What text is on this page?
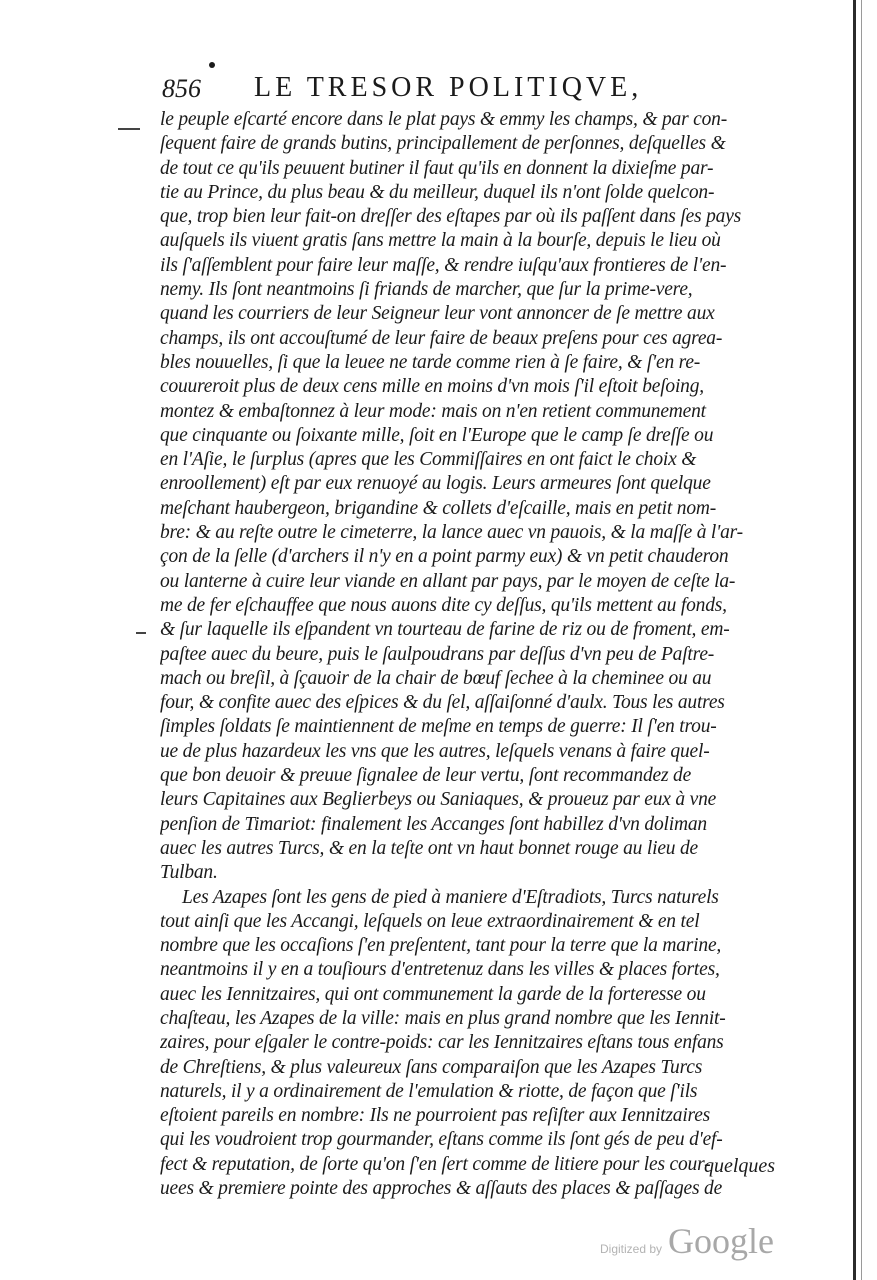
856 LE TRESOR POLITIQVE,
le peuple eſcarté encore dans le plat pays & emmy les champs, & par con-
ſequent faire de grands butins, principallement de perſonnes, deſquelles &
de tout ce qu'ils peuuent butiner il faut qu'ils en donnent la dixieſme par-
tie au Prince, du plus beau & du meilleur, duquel ils n'ont ſolde quelcon-
que, trop bien leur fait-on dreſſer des eſtapes par où ils paſſent dans ſes pays
auſquels ils viuent gratis ſans mettre la main à la bourſe, depuis le lieu où
ils ſ'aſſemblent pour faire leur maſſe, & rendre iuſqu'aux frontieres de l'en-
nemy. Ils ſont neantmoins ſi friands de marcher, que ſur la prime-vere,
quand les courriers de leur Seigneur leur vont annoncer de ſe mettre aux
champs, ils ont accouſtumé de leur faire de beaux preſens pour ces agrea-
bles nouuelles, ſi que la leuee ne tarde comme rien à ſe faire, & ſ'en re-
couureroit plus de deux cens mille en moins d'vn mois ſ'il eſtoit beſoing,
montez & embaſtonnez à leur mode: mais on n'en retient communement
que cinquante ou ſoixante mille, ſoit en l'Europe que le camp ſe dreſſe ou
en l'Aſie, le ſurplus (apres que les Commiſſaires en ont faict le choix &
enroollement) eſt par eux renuoyé au logis. Leurs armeures ſont quelque
meſchant haubergeon, brigandine & collets d'eſcaille, mais en petit nom-
bre: & au reſte outre le cimeterre, la lance auec vn pauois, & la maſſe à l'ar-
çon de la ſelle (d'archers il n'y en a point parmy eux) & vn petit chauderon
ou lanterne à cuire leur viande en allant par pays, par le moyen de ceſte la-
me de fer eſchauffee que nous auons dite cy deſſus, qu'ils mettent au fonds,
& ſur laquelle ils eſpandent vn tourteau de farine de riz ou de froment, em-
paſtee auec du beure, puis le ſaulpoudrans par deſſus d'vn peu de Paſtre-
mach ou breſil, à ſçauoir de la chair de bœuf ſechee à la cheminee ou au
four, & confite auec des eſpices & du ſel, aſſaiſonné d'aulx. Tous les autres
ſimples ſoldats ſe maintiennent de meſme en temps de guerre: Il ſ'en trou-
ue de plus hazardeux les vns que les autres, leſquels venans à faire quel-
que bon deuoir & preuue ſignalee de leur vertu, ſont recommandez de
leurs Capitaines aux Beglierbeys ou Saniaques, & proueuz par eux à vne
penſion de Timariot: finalement les Accanges ſont habillez d'vn doliman
auec les autres Turcs, & en la teſte ont vn haut bonnet rouge au lieu de
Tulban.
Les Azapes ſont les gens de pied à maniere d'Eſtradiots, Turcs naturels
tout ainſi que les Accangi, leſquels on leue extraordinairement & en tel
nombre que les occaſions ſ'en preſentent, tant pour la terre que la marine,
neantmoins il y en a touſiours d'entretenuz dans les villes & places fortes,
auec les Iennitzaires, qui ont communement la garde de la forteresse ou
chaſteau, les Azapes de la ville: mais en plus grand nombre que les Iennit-
zaires, pour eſgaler le contre-poids: car les Iennitzaires eſtans tous enfans
de Chreſtiens, & plus valeureux ſans comparaiſon que les Azapes Turcs
naturels, il y a ordinairement de l'emulation & riotte, de façon que ſ'ils
eſtoient pareils en nombre: Ils ne pourroient pas reſiſter aux Iennitzaires
qui les voudroient trop gourmander, eſtans comme ils ſont gés de peu d'ef-
fect & reputation, de ſorte qu'on ſ'en ſert comme de litiere pour les cour-
uees & premiere pointe des approches & aſſauts des places & paſſages de
quelques
Digitized by Google
